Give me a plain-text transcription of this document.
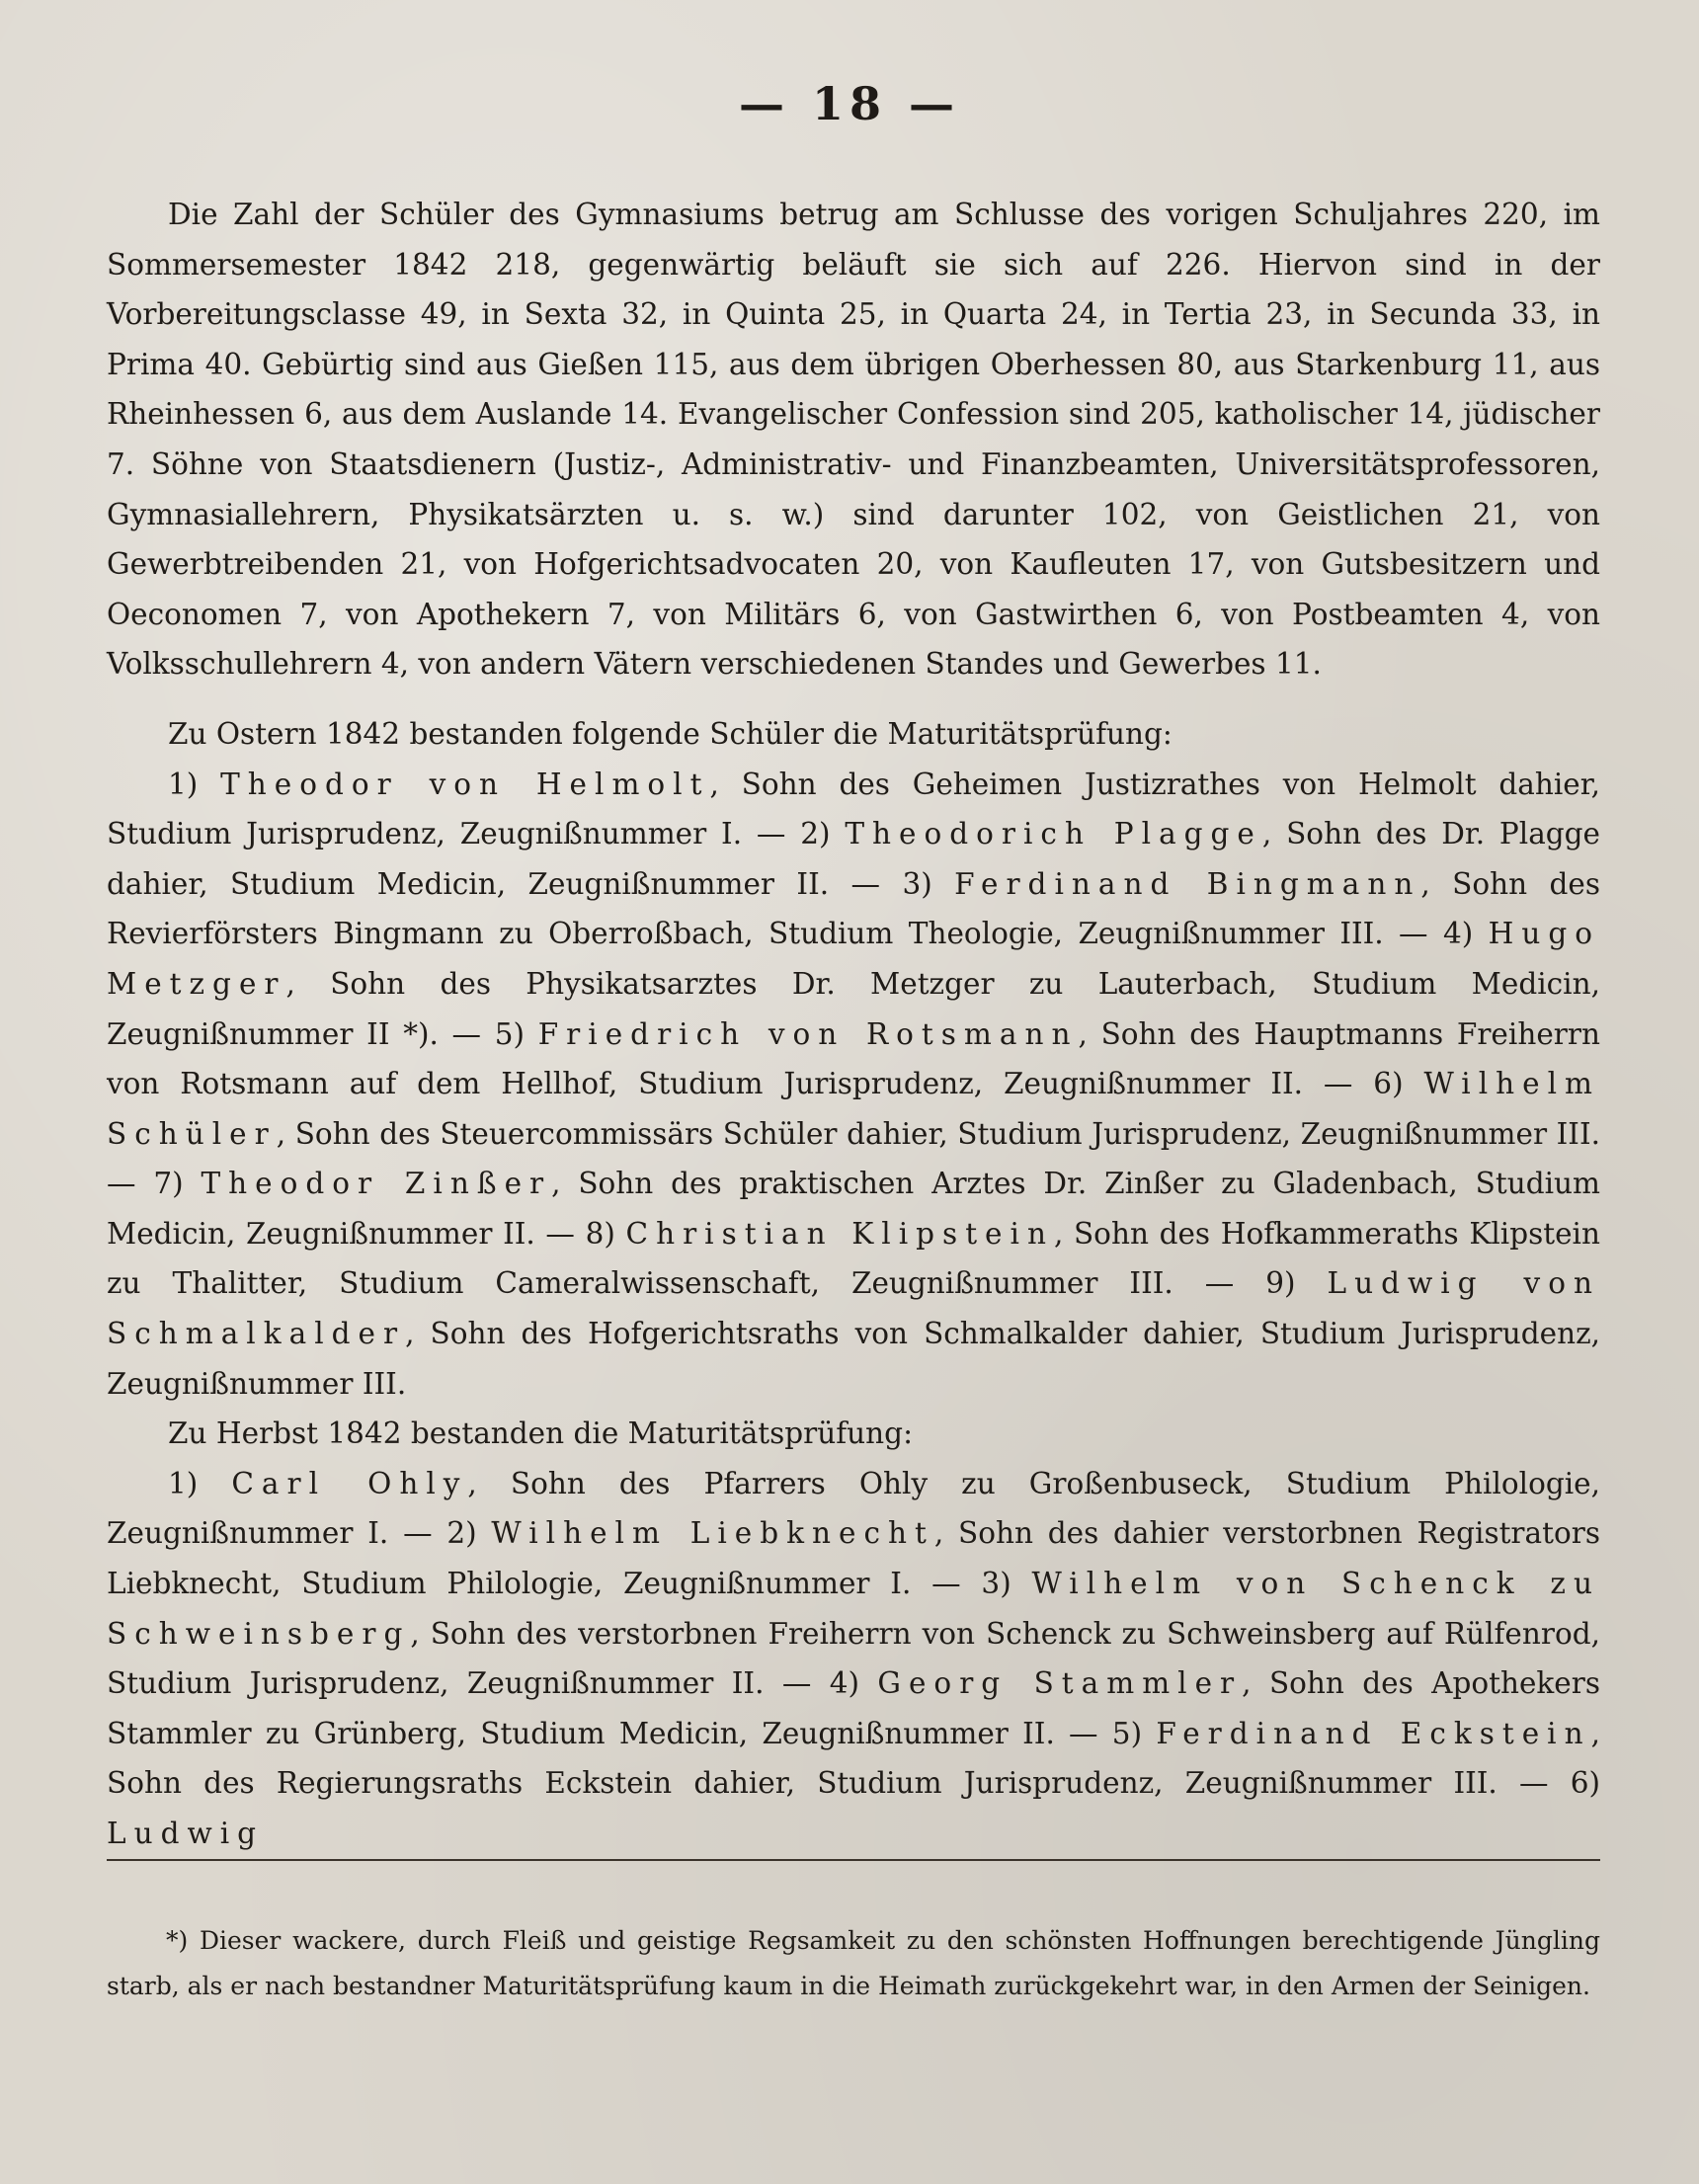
— 18 —

Die Zahl der Schüler des Gymnasiums betrug am Schlusse des vorigen Schuljahres 220, im Sommersemester 1842 218, gegenwärtig beläuft sie sich auf 226. Hiervon sind in der Vorbereitungsclasse 49, in Sexta 32, in Quinta 25, in Quarta 24, in Tertia 23, in Secunda 33, in Prima 40. Gebürtig sind aus Gießen 115, aus dem übrigen Oberhessen 80, aus Starkenburg 11, aus Rheinhessen 6, aus dem Auslande 14. Evangelischer Confession sind 205, katholischer 14, jüdischer 7. Söhne von Staatsdienern (Justiz-, Administrativ- und Finanzbeamten, Universitätsprofessoren, Gymnasiallehrern, Physikatsärzten u. s. w.) sind darunter 102, von Geistlichen 21, von Gewerbtreibenden 21, von Hofgerichtsadvocaten 20, von Kaufleuten 17, von Gutsbesitzern und Oeconomen 7, von Apothekern 7, von Militärs 6, von Gastwirthen 6, von Postbeamten 4, von Volksschullehrern 4, von andern Vätern verschiedenen Standes und Gewerbes 11.

Zu Ostern 1842 bestanden folgende Schüler die Maturitätsprüfung:

1) Theodor von Helmolt, Sohn des Geheimen Justizrathes von Helmolt dahier, Studium Jurisprudenz, Zeugnißnummer I. — 2) Theodorich Plagge, Sohn des Dr. Plagge dahier, Studium Medicin, Zeugnißnummer II. — 3) Ferdinand Bingmann, Sohn des Revierförsters Bingmann zu Oberroßbach, Studium Theologie, Zeugnißnummer III. — 4) Hugo Metzger, Sohn des Physikatsarztes Dr. Metzger zu Lauterbach, Studium Medicin, Zeugnißnummer II *). — 5) Friedrich von Rotsmann, Sohn des Hauptmanns Freiherrn von Rotsmann auf dem Hellhof, Studium Jurisprudenz, Zeugnißnummer II. — 6) Wilhelm Schüler, Sohn des Steuercommissärs Schüler dahier, Studium Jurisprudenz, Zeugnißnummer III. — 7) Theodor Zinßer, Sohn des praktischen Arztes Dr. Zinßer zu Gladenbach, Studium Medicin, Zeugnißnummer II. — 8) Christian Klipstein, Sohn des Hofkammeraths Klipstein zu Thalitter, Studium Cameralwissenschaft, Zeugnißnummer III. — 9) Ludwig von Schmalkalder, Sohn des Hofgerichtsraths von Schmalkalder dahier, Studium Jurisprudenz, Zeugnißnummer III.

Zu Herbst 1842 bestanden die Maturitätsprüfung:

1) Carl Ohly, Sohn des Pfarrers Ohly zu Großenbuseck, Studium Philologie, Zeugnißnummer I. — 2) Wilhelm Liebknecht, Sohn des dahier verstorbnen Registrators Liebknecht, Studium Philologie, Zeugnißnummer I. — 3) Wilhelm von Schenck zu Schweinsberg, Sohn des verstorbnen Freiherrn von Schenck zu Schweinsberg auf Rülfenrod, Studium Jurisprudenz, Zeugnißnummer II. — 4) Georg Stammler, Sohn des Apothekers Stammler zu Grünberg, Studium Medicin, Zeugnißnummer II. — 5) Ferdinand Eckstein, Sohn des Regierungsraths Eckstein dahier, Studium Jurisprudenz, Zeugnißnummer III. — 6) Ludwig

*) Dieser wackere, durch Fleiß und geistige Regsamkeit zu den schönsten Hoffnungen berechtigende Jüngling starb, als er nach bestandner Maturitätsprüfung kaum in die Heimath zurückgekehrt war, in den Armen der Seinigen.
